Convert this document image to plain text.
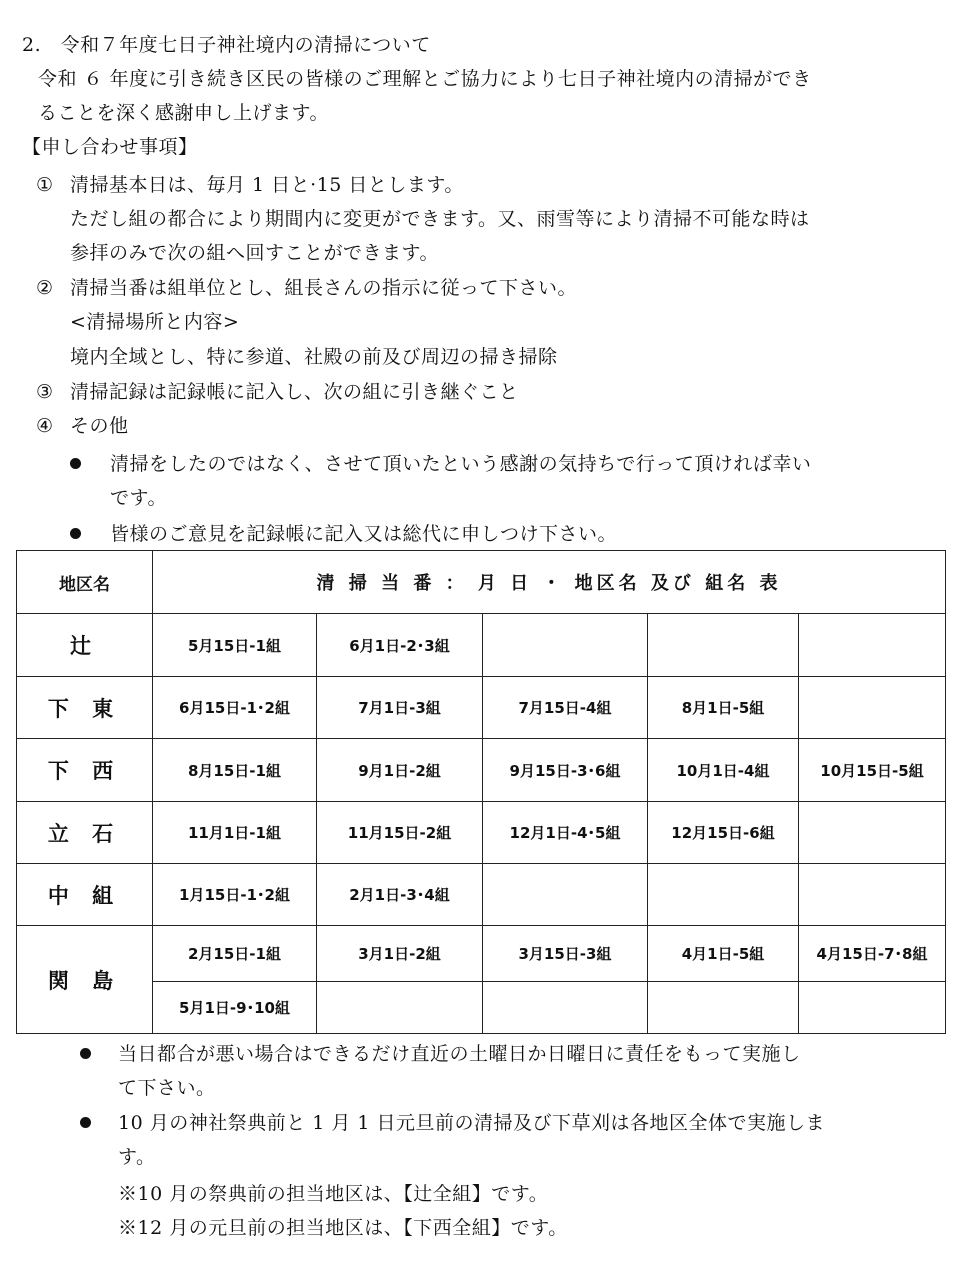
2.　令和７年度七日子神社境内の清掃について
令和 ６ 年度に引き続き区民の皆様のご理解とご協力により七日子神社境内の清掃ができ
ることを深く感謝申し上げます。
【申し合わせ事項】
① 清掃基本日は、毎月 1 日と·15 日とします。
ただし組の都合により期間内に変更ができます。又、雨雪等により清掃不可能な時は
参拝のみで次の組へ回すことができます。
② 清掃当番は組単位とし、組長さんの指示に従って下さい。
<清掃場所と内容>
境内全域とし、特に参道、社殿の前及び周辺の掃き掃除
③ 清掃記録は記録帳に記入し、次の組に引き継ぐこと
④ その他
清掃をしたのではなく、させて頂いたという感謝の気持ちで行って頂ければ幸い
です。
皆様のご意見を記録帳に記入又は総代に申しつけ下さい。
地区名	清 掃 当 番 ： 月 日 ・ 地区名 及び 組名 表				
辻	5月15日-1組	6月1日-2･3組			
下 東	6月15日-1･2組	7月1日-3組	7月15日-4組	8月1日-5組	
下 西	8月15日-1組	9月1日-2組	9月15日-3･6組	10月1日-4組	10月15日-5組
立 石	11月1日-1組	11月15日-2組	12月1日-4･5組	12月15日-6組	
中 組	1月15日-1･2組	2月1日-3･4組			
関 島	2月15日-1組	3月1日-2組	3月15日-3組	4月1日-5組	4月15日-7･8組
	5月1日-9･10組				
当日都合が悪い場合はできるだけ直近の土曜日か日曜日に責任をもって実施し
て下さい。
10 月の神社祭典前と 1 月 1 日元旦前の清掃及び下草刈は各地区全体で実施しま
す。
※10 月の祭典前の担当地区は、【辻全組】です。
※12 月の元旦前の担当地区は、【下西全組】です。
